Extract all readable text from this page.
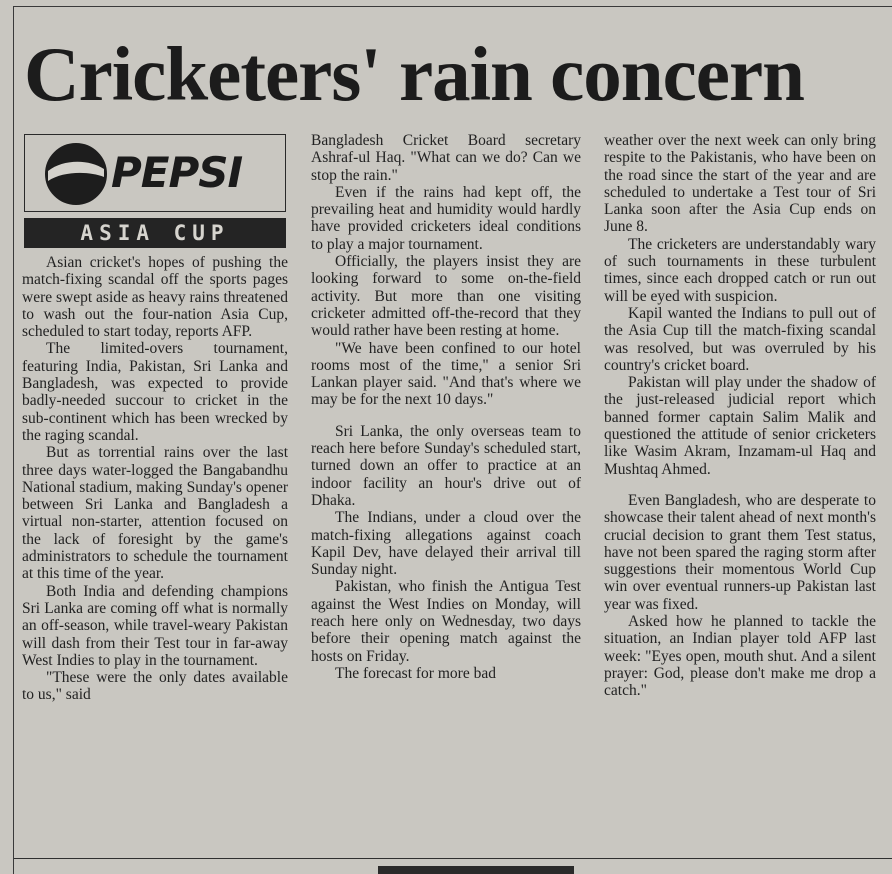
Cricketers' rain concern
PEPSI
ASIA CUP

Asian cricket's hopes of pushing the match-fixing scandal off the sports pages were swept aside as heavy rains threatened to wash out the four-nation Asia Cup, scheduled to start today, reports AFP.

The limited-overs tournament, featuring India, Pakistan, Sri Lanka and Bangladesh, was expected to provide badly-needed succour to cricket in the sub-continent which has been wrecked by the raging scandal.

But as torrential rains over the last three days water-logged the Bangabandhu National stadium, making Sunday's opener between Sri Lanka and Bangladesh a virtual non-starter, attention focused on the lack of foresight by the game's administrators to schedule the tournament at this time of the year.

Both India and defending champions Sri Lanka are coming off what is normally an off-season, while travel-weary Pakistan will dash from their Test tour in far-away West Indies to play in the tournament.

"These were the only dates available to us," said

Bangladesh Cricket Board secretary Ashraf-ul Haq. "What can we do? Can we stop the rain."

Even if the rains had kept off, the prevailing heat and humidity would hardly have provided cricketers ideal conditions to play a major tournament.

Officially, the players insist they are looking forward to some on-the-field activity. But more than one visiting cricketer admitted off-the-record that they would rather have been resting at home.

"We have been confined to our hotel rooms most of the time," a senior Sri Lankan player said. "And that's where we may be for the next 10 days."

Sri Lanka, the only overseas team to reach here before Sunday's scheduled start, turned down an offer to practice at an indoor facility an hour's drive out of Dhaka.

The Indians, under a cloud over the match-fixing allegations against coach Kapil Dev, have delayed their arrival till Sunday night.

Pakistan, who finish the Antigua Test against the West Indies on Monday, will reach here only on Wednesday, two days before their opening match against the hosts on Friday.

The forecast for more bad

weather over the next week can only bring respite to the Pakistanis, who have been on the road since the start of the year and are scheduled to undertake a Test tour of Sri Lanka soon after the Asia Cup ends on June 8.

The cricketers are understandably wary of such tournaments in these turbulent times, since each dropped catch or run out will be eyed with suspicion.

Kapil wanted the Indians to pull out of the Asia Cup till the match-fixing scandal was resolved, but was overruled by his country's cricket board.

Pakistan will play under the shadow of the just-released judicial report which banned former captain Salim Malik and questioned the attitude of senior cricketers like Wasim Akram, Inzamam-ul Haq and Mushtaq Ahmed.

Even Bangladesh, who are desperate to showcase their talent ahead of next month's crucial decision to grant them Test status, have not been spared the raging storm after suggestions their momentous World Cup win over eventual runners-up Pakistan last year was fixed.

Asked how he planned to tackle the situation, an Indian player told AFP last week: "Eyes open, mouth shut. And a silent prayer: God, please don't make me drop a catch."
